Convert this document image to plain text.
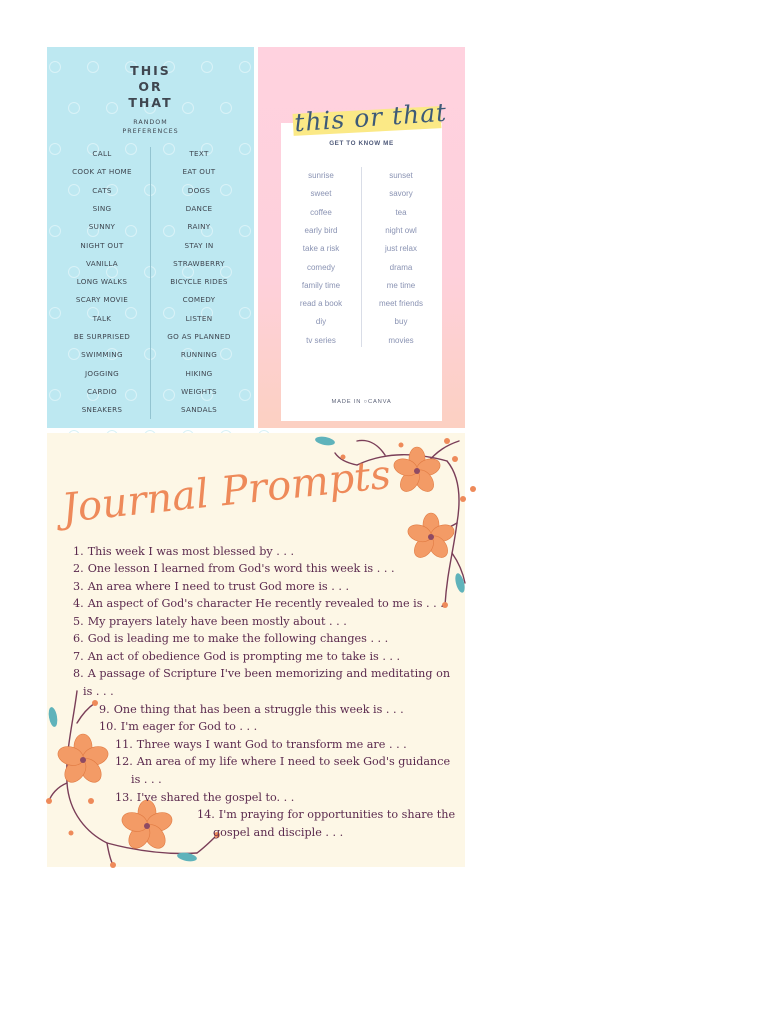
THIS
OR
THAT
RANDOM
PREFERENCES
CALL	TEXT
COOK AT HOME	EAT OUT
CATS	DOGS
SING	DANCE
SUNNY	RAINY
NIGHT OUT	STAY IN
VANILLA	STRAWBERRY
LONG WALKS	BICYCLE RIDES
SCARY MOVIE	COMEDY
TALK	LISTEN
BE SURPRISED	GO AS PLANNED
SWIMMING	RUNNING
JOGGING	HIKING
CARDIO	WEIGHTS
SNEAKERS	SANDALS
GET TO KNOW ME
sunrise	sunset
sweet	savory
coffee	tea
early bird	night owl
take a risk	just relax
comedy	drama
family time	me time
read a book	meet friends
diy	buy
tv series	movies
this or that
MADE IN ○CANVA
Journal Prompts
1. This week I was most blessed by . . .
2. One lesson I learned from God's word this week is . . .
3. An area where I need to trust God more is . . .
4. An aspect of God's character He recently revealed to me is . . .
5. My prayers lately have been mostly about . . .
6. God is leading me to make the following changes . . .
7. An act of obedience God is prompting me to take is . . .
8. A passage of Scripture I've been memorizing and meditating on
is . . .
9. One thing that has been a struggle this week is . . .
10. I'm eager for God to . . .
11. Three ways I want God to transform me are . . .
12. An area of my life where I need to seek God's guidance
is . . .
13. I've shared the gospel to. . .
14. I'm praying for opportunities to share the
gospel and disciple . . .
